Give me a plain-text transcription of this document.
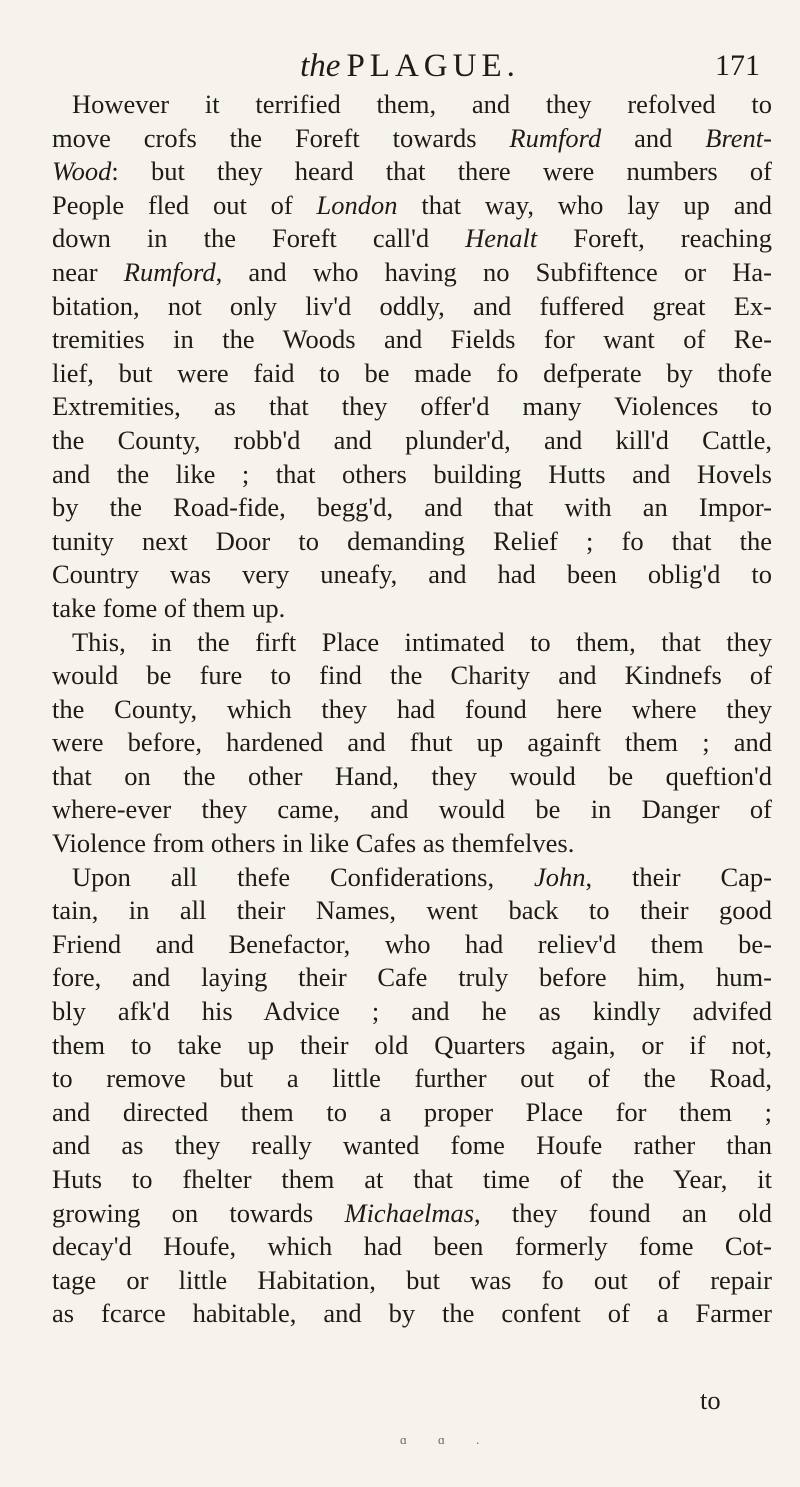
the PLAGUE.	171
However it terrified them, and they refolved to
move crofs the Foreft towards Rumford and Brent-
Wood: but they heard that there were numbers of
People fled out of London that way, who lay up and
down in the Foreft call'd Henalt Foreft, reaching
near Rumford, and who having no Subfiftence or Ha-
bitation, not only liv'd oddly, and fuffered great Ex-
tremities in the Woods and Fields for want of Re-
lief, but were faid to be made fo defperate by thofe
Extremities, as that they offer'd many Violences to
the County, robb'd and plunder'd, and kill'd Cattle,
and the like ; that others building Hutts and Hovels
by the Road-fide, begg'd, and that with an Impor-
tunity next Door to demanding Relief ; fo that the
Country was very uneafy, and had been oblig'd to
take fome of them up.
This, in the firft Place intimated to them, that they
would be fure to find the Charity and Kindnefs of
the County, which they had found here where they
were before, hardened and fhut up againft them ; and
that on the other Hand, they would be queftion'd
where-ever they came, and would be in Danger of
Violence from others in like Cafes as themfelves.
Upon all thefe Confiderations, John, their Cap-
tain, in all their Names, went back to their good
Friend and Benefactor, who had reliev'd them be-
fore, and laying their Cafe truly before him, hum-
bly afk'd his Advice ; and he as kindly advifed
them to take up their old Quarters again, or if not,
to remove but a little further out of the Road,
and directed them to a proper Place for them ;
and as they really wanted fome Houfe rather than
Huts to fhelter them at that time of the Year, it
growing on towards Michaelmas, they found an old
decay'd Houfe, which had been formerly fome Cot-
tage or little Habitation, but was fo out of repair
as fcarce habitable, and by the confent of a Farmer
to
ɑ ɑ .
